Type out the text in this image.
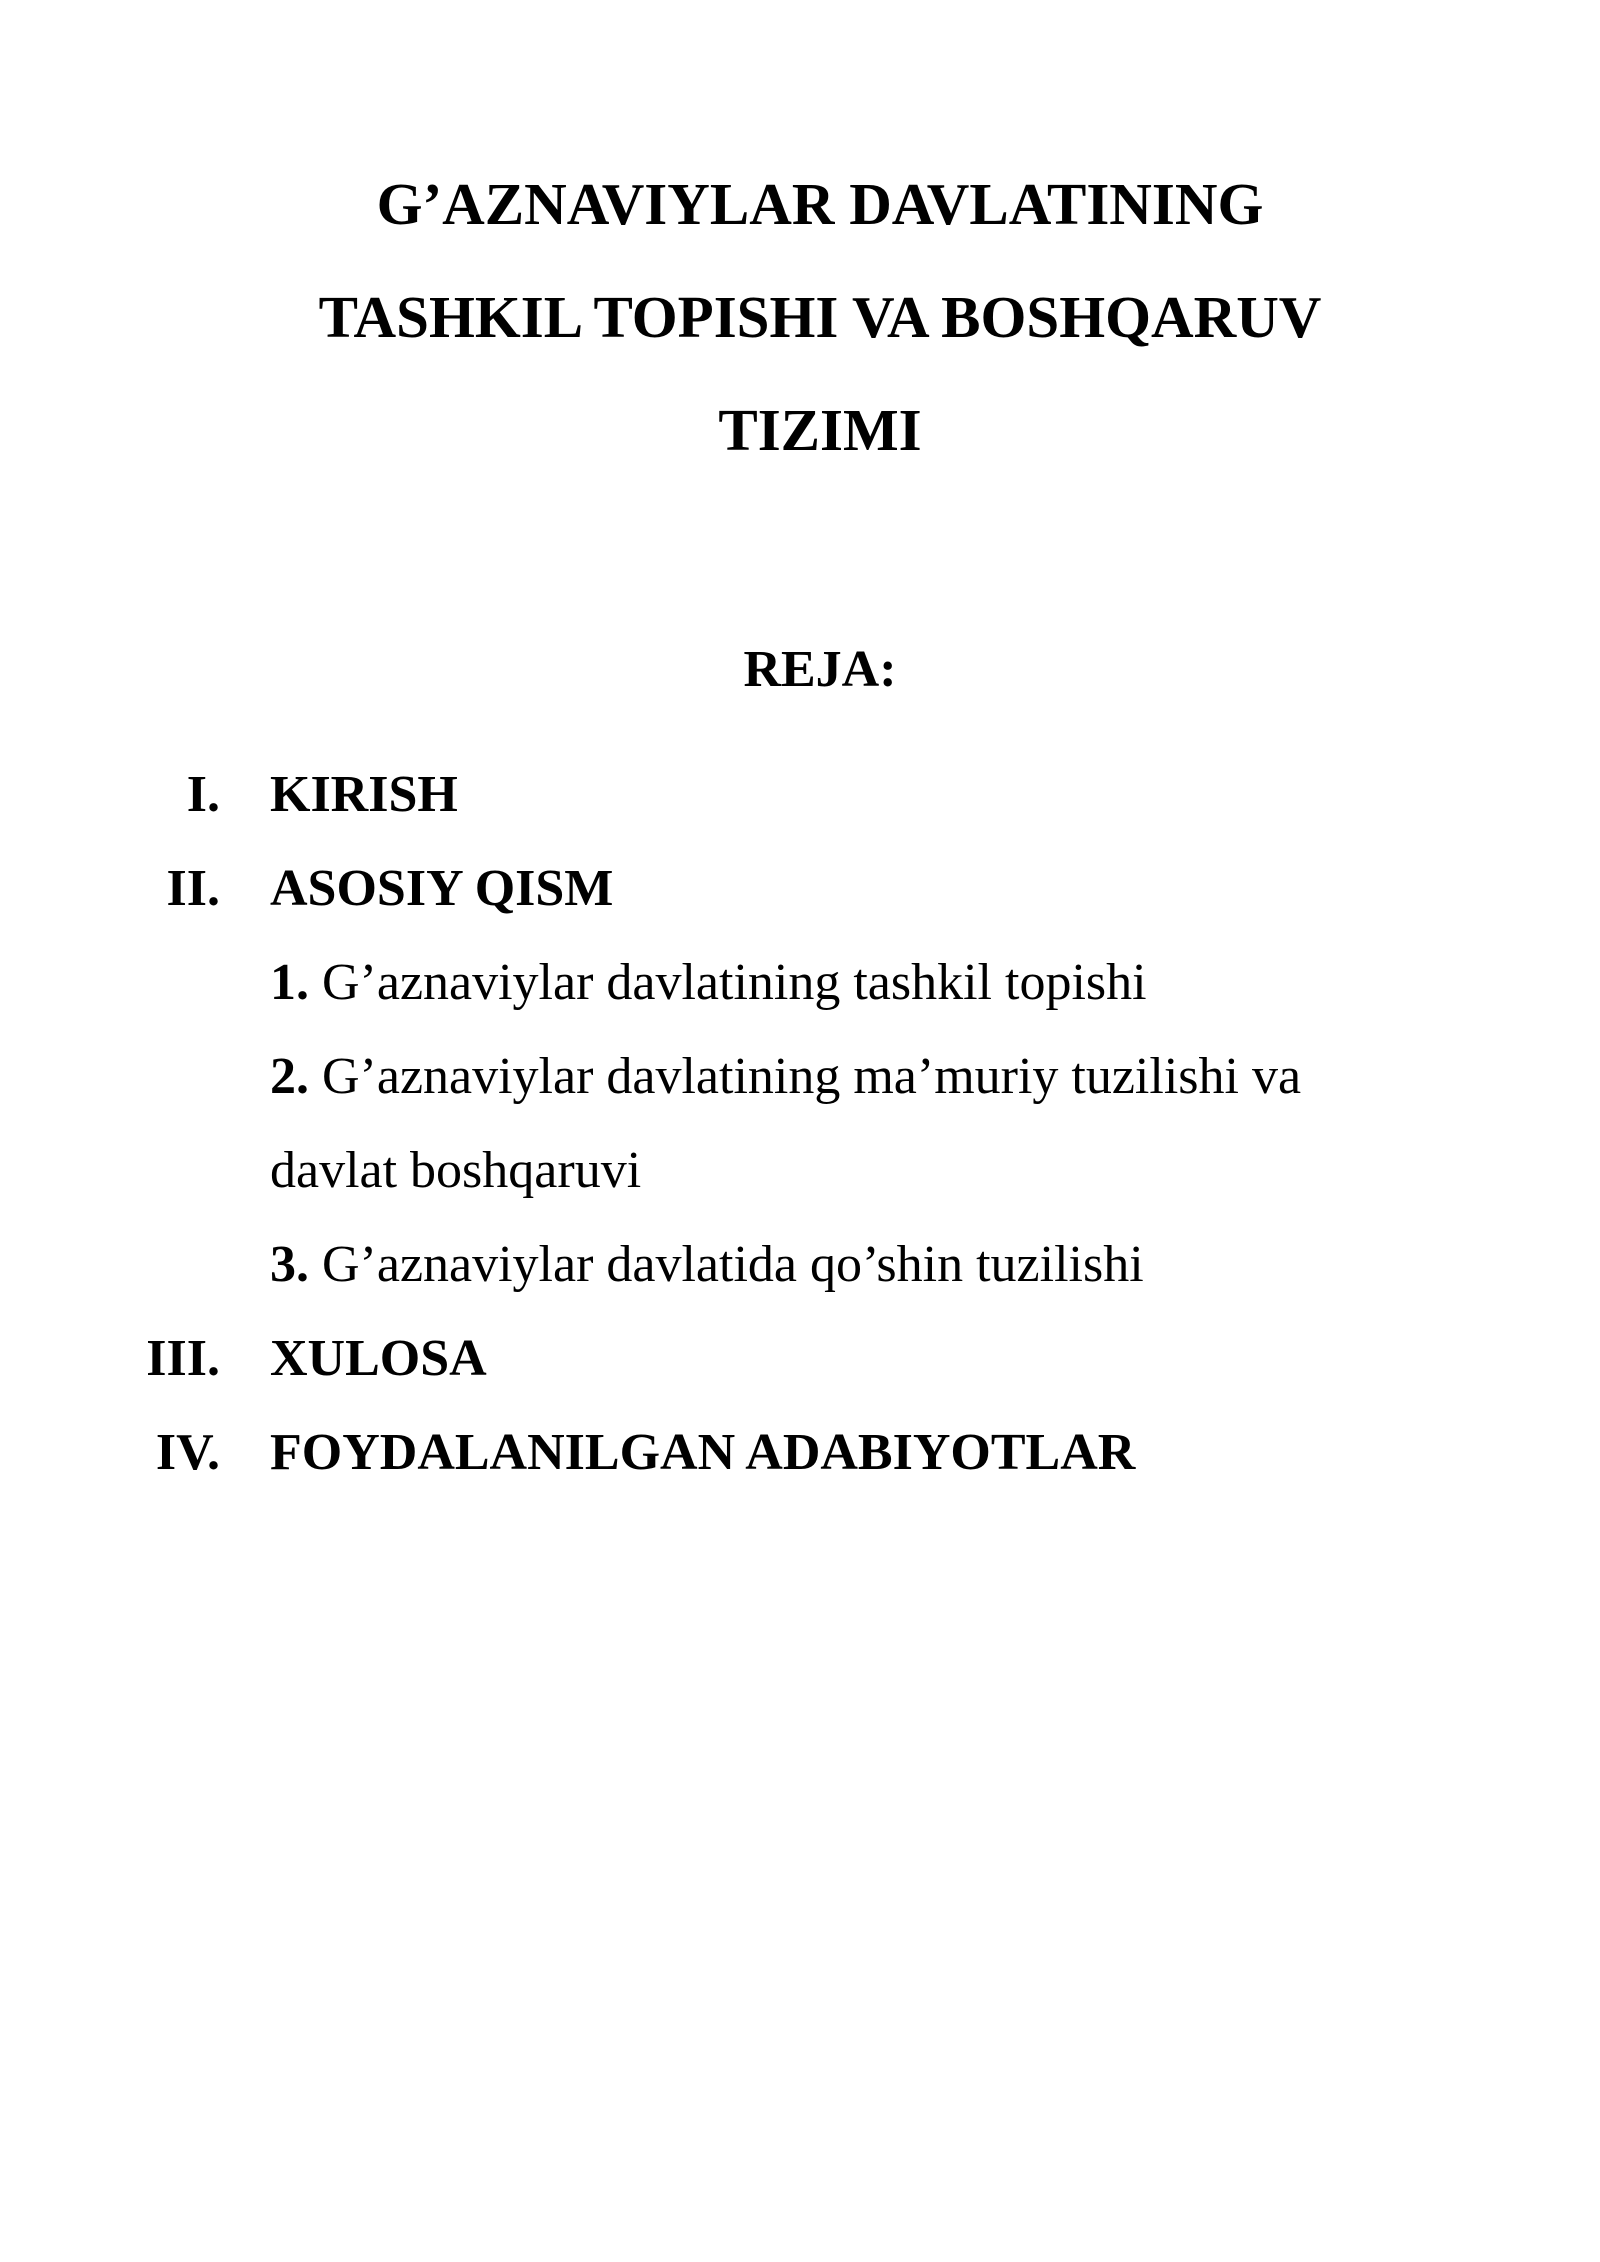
G’AZNAVIYLAR DAVLATINING
TASHKIL TOPISHI VA BOSHQARUV
TIZIMI
REJA:
I. KIRISH
II. ASOSIY QISM
1. G’aznaviylar davlatining tashkil topishi
2. G’aznaviylar davlatining ma’muriy tuzilishi va davlat boshqaruvi
3. G’aznaviylar davlatida qo’shin tuzilishi
III. XULOSA
IV. FOYDALANILGAN ADABIYOTLAR
